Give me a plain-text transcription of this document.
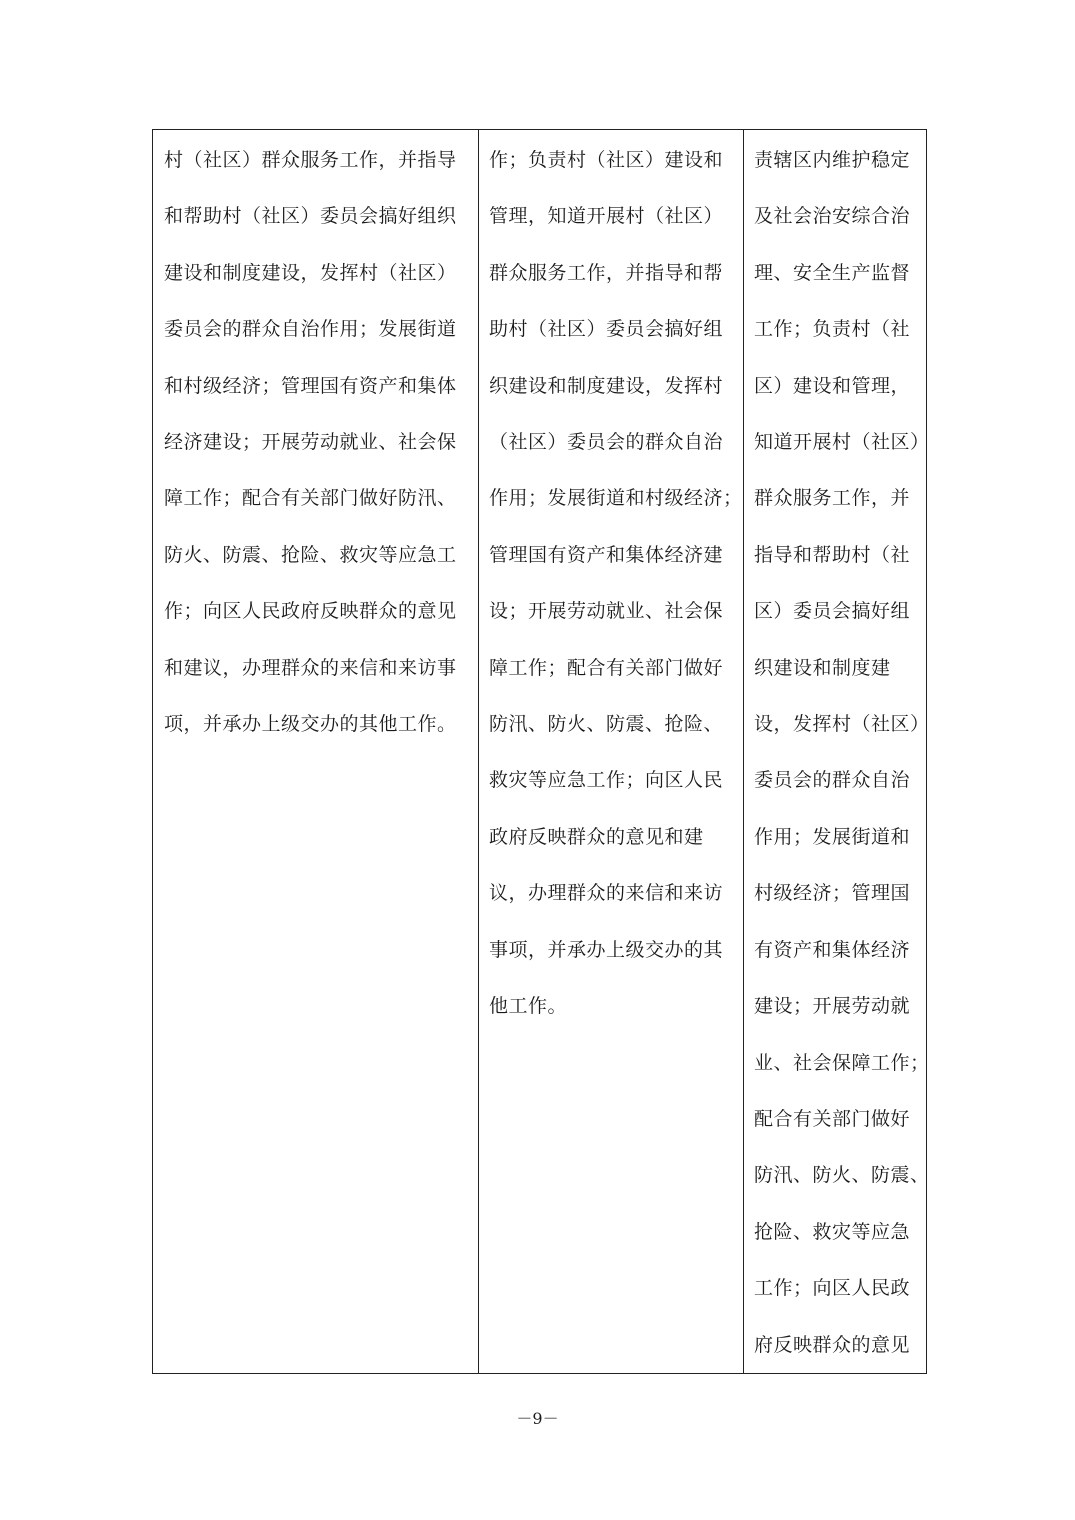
村（社区）群众服务工作，并指导
和帮助村（社区）委员会搞好组织
建设和制度建设，发挥村（社区）
委员会的群众自治作用；发展街道
和村级经济；管理国有资产和集体
经济建设；开展劳动就业、社会保
障工作；配合有关部门做好防汛、
防火、防震、抢险、救灾等应急工
作；向区人民政府反映群众的意见
和建议，办理群众的来信和来访事
项，并承办上级交办的其他工作。

作；负责村（社区）建设和
管理，知道开展村（社区）
群众服务工作，并指导和帮
助村（社区）委员会搞好组
织建设和制度建设，发挥村
（社区）委员会的群众自治
作用；发展街道和村级经济；
管理国有资产和集体经济建
设；开展劳动就业、社会保
障工作；配合有关部门做好
防汛、防火、防震、抢险、
救灾等应急工作；向区人民
政府反映群众的意见和建
议，办理群众的来信和来访
事项，并承办上级交办的其
他工作。

责辖区内维护稳定
及社会治安综合治
理、安全生产监督
工作；负责村（社
区）建设和管理，
知道开展村（社区）
群众服务工作，并
指导和帮助村（社
区）委员会搞好组
织建设和制度建
设，发挥村（社区）
委员会的群众自治
作用；发展街道和
村级经济；管理国
有资产和集体经济
建设；开展劳动就
业、社会保障工作；
配合有关部门做好
防汛、防火、防震、
抢险、救灾等应急
工作；向区人民政
府反映群众的意见

－9－
